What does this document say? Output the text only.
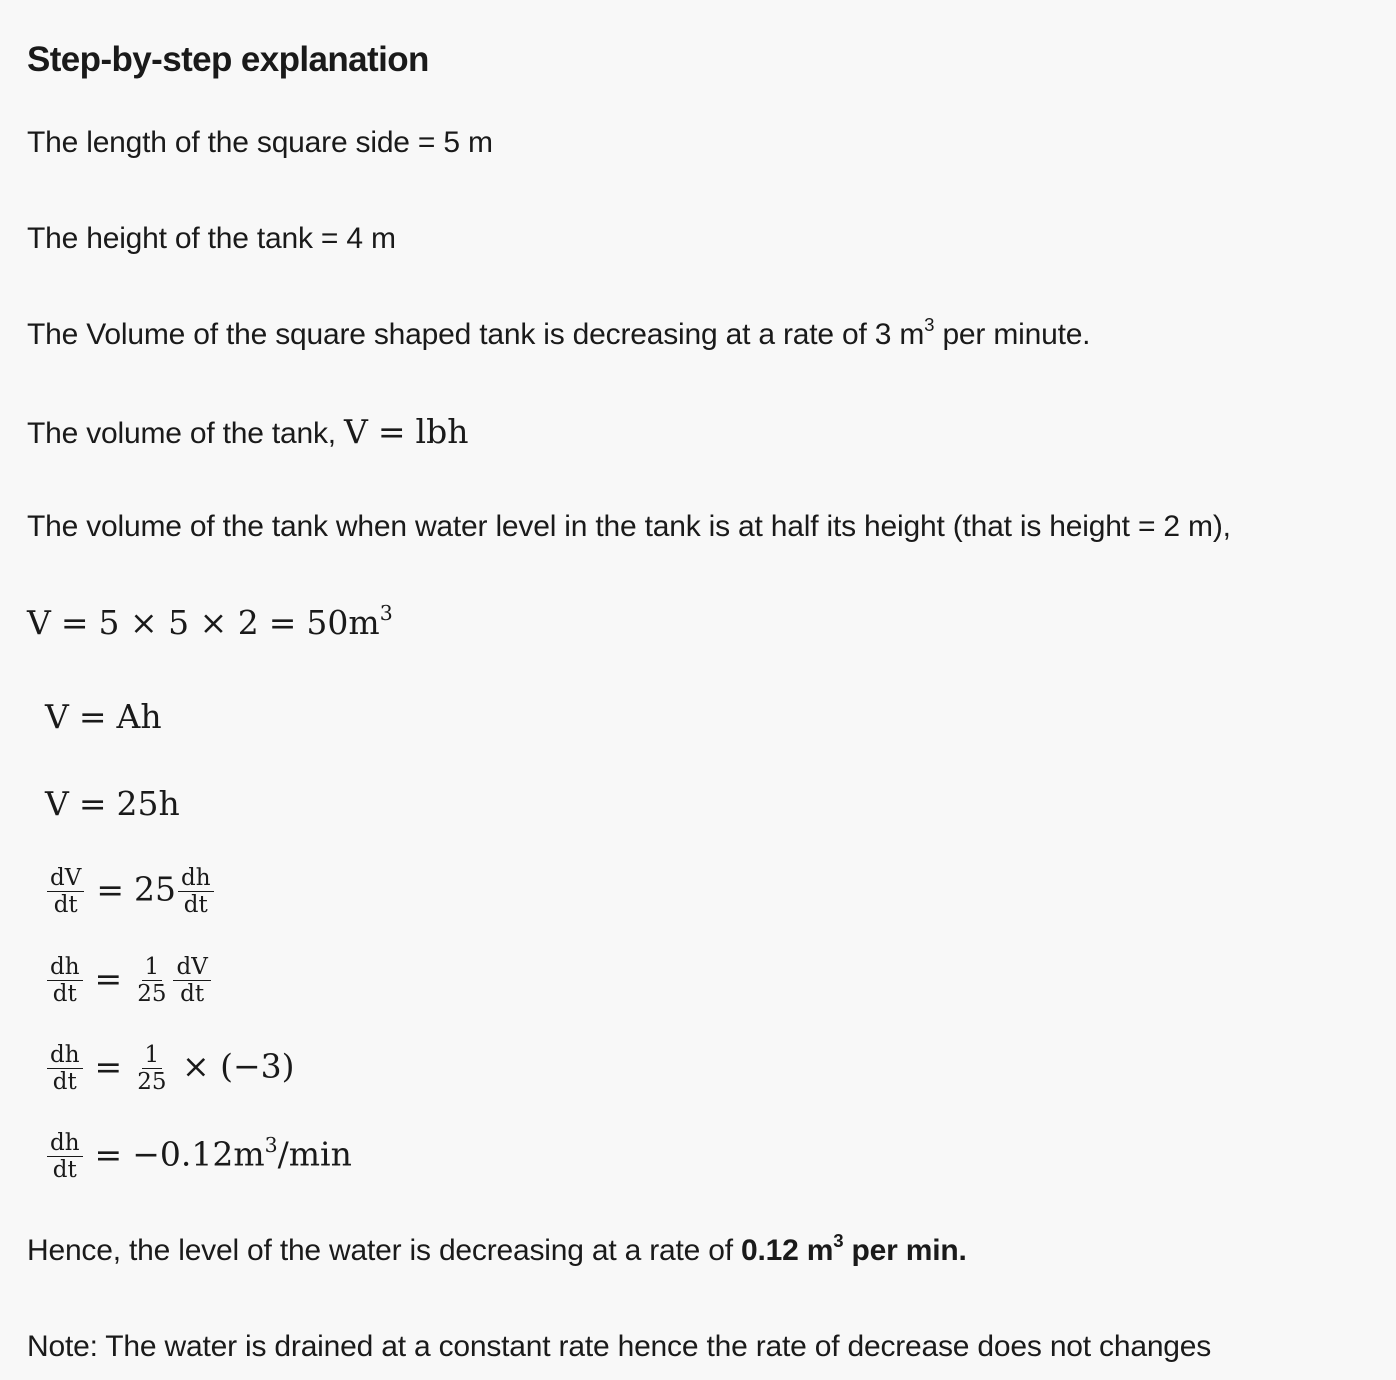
Step-by-step explanation
The length of the square side = 5 m
The height of the tank = 4 m
The Volume of the square shaped tank is decreasing at a rate of 3 $m^3$ per minute.
The volume of the tank, V = lbh
The volume of the tank when water level in the tank is at half its height (that is height = 2 m),
$V = 5 \times 5 \times 2 = 50m^3$
V = Ah
V = 25h
$\frac{dV}{dt} = 25 \frac{dh}{dt}$
$\frac{dh}{dt} = \frac{1}{25} \frac{dV}{dt}$
$\frac{dh}{dt} = \frac{1}{25} \times (-3)$
$\frac{dh}{dt} = -0.12m^3/\min$
Hence, the level of the water is decreasing at a rate of 0.12 $m^3$ per min.
Note: The water is drained at a constant rate hence the rate of decrease does not changes
